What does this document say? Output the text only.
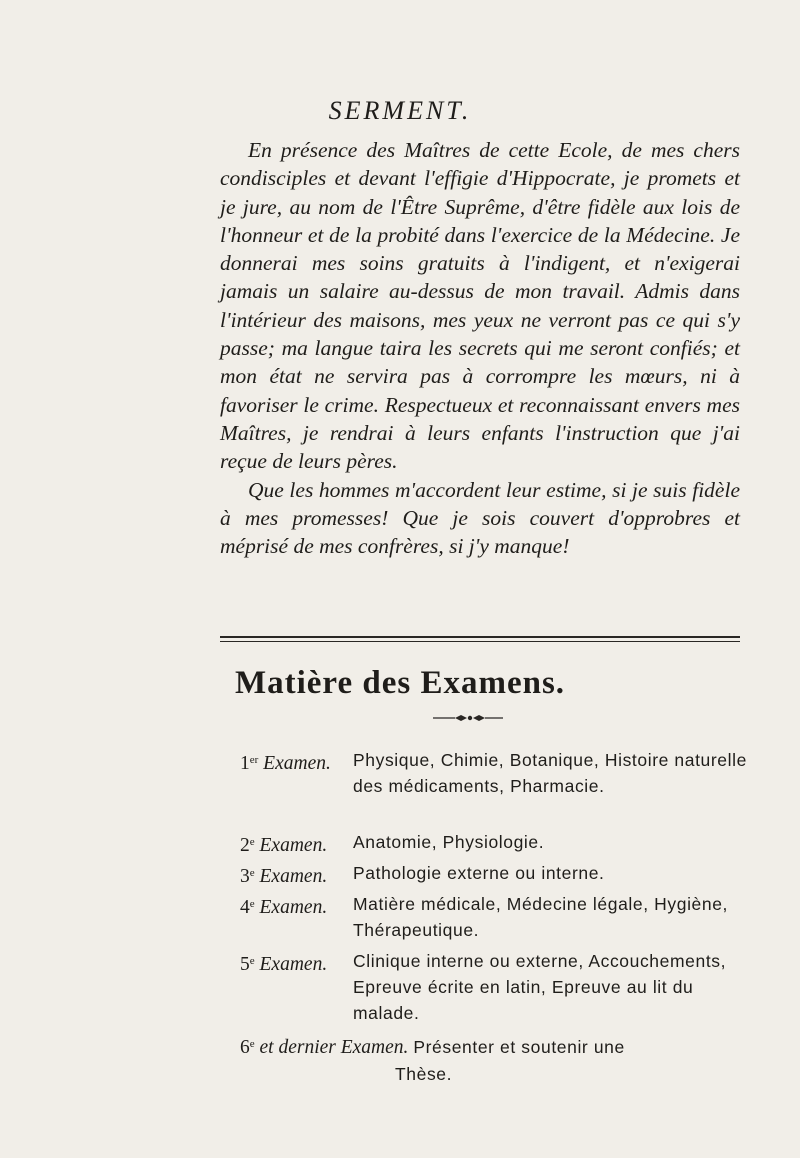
SERMENT.

En présence des Maîtres de cette Ecole, de mes chers condisciples et devant l'effigie d'Hippocrate, je promets et je jure, au nom de l'Être Suprême, d'être fidèle aux lois de l'honneur et de la probité dans l'exercice de la Médecine. Je donnerai mes soins gratuits à l'indigent, et n'exigerai jamais un salaire au-dessus de mon travail. Admis dans l'intérieur des maisons, mes yeux ne verront pas ce qui s'y passe; ma langue taira les secrets qui me seront confiés; et mon état ne servira pas à corrompre les mœurs, ni à favoriser le crime. Respectueux et reconnaissant envers mes Maîtres, je rendrai à leurs enfants l'instruction que j'ai reçue de leurs pères.

Que les hommes m'accordent leur estime, si je suis fidèle à mes promesses! Que je sois couvert d'opprobres et méprisé de mes confrères, si j'y manque!

Matière des Examens.
1er Examen. Physique, Chimie, Botanique, Histoire naturelle des médicaments, Pharmacie.
2e Examen. Anatomie, Physiologie.
3e Examen. Pathologie externe ou interne.
4e Examen. Matière médicale, Médecine légale, Hygiène, Thérapeutique.
5e Examen. Clinique interne ou externe, Accouchements, Epreuve écrite en latin, Epreuve au lit du malade.
6e et dernier Examen. Présenter et soutenir une
Thèse.
